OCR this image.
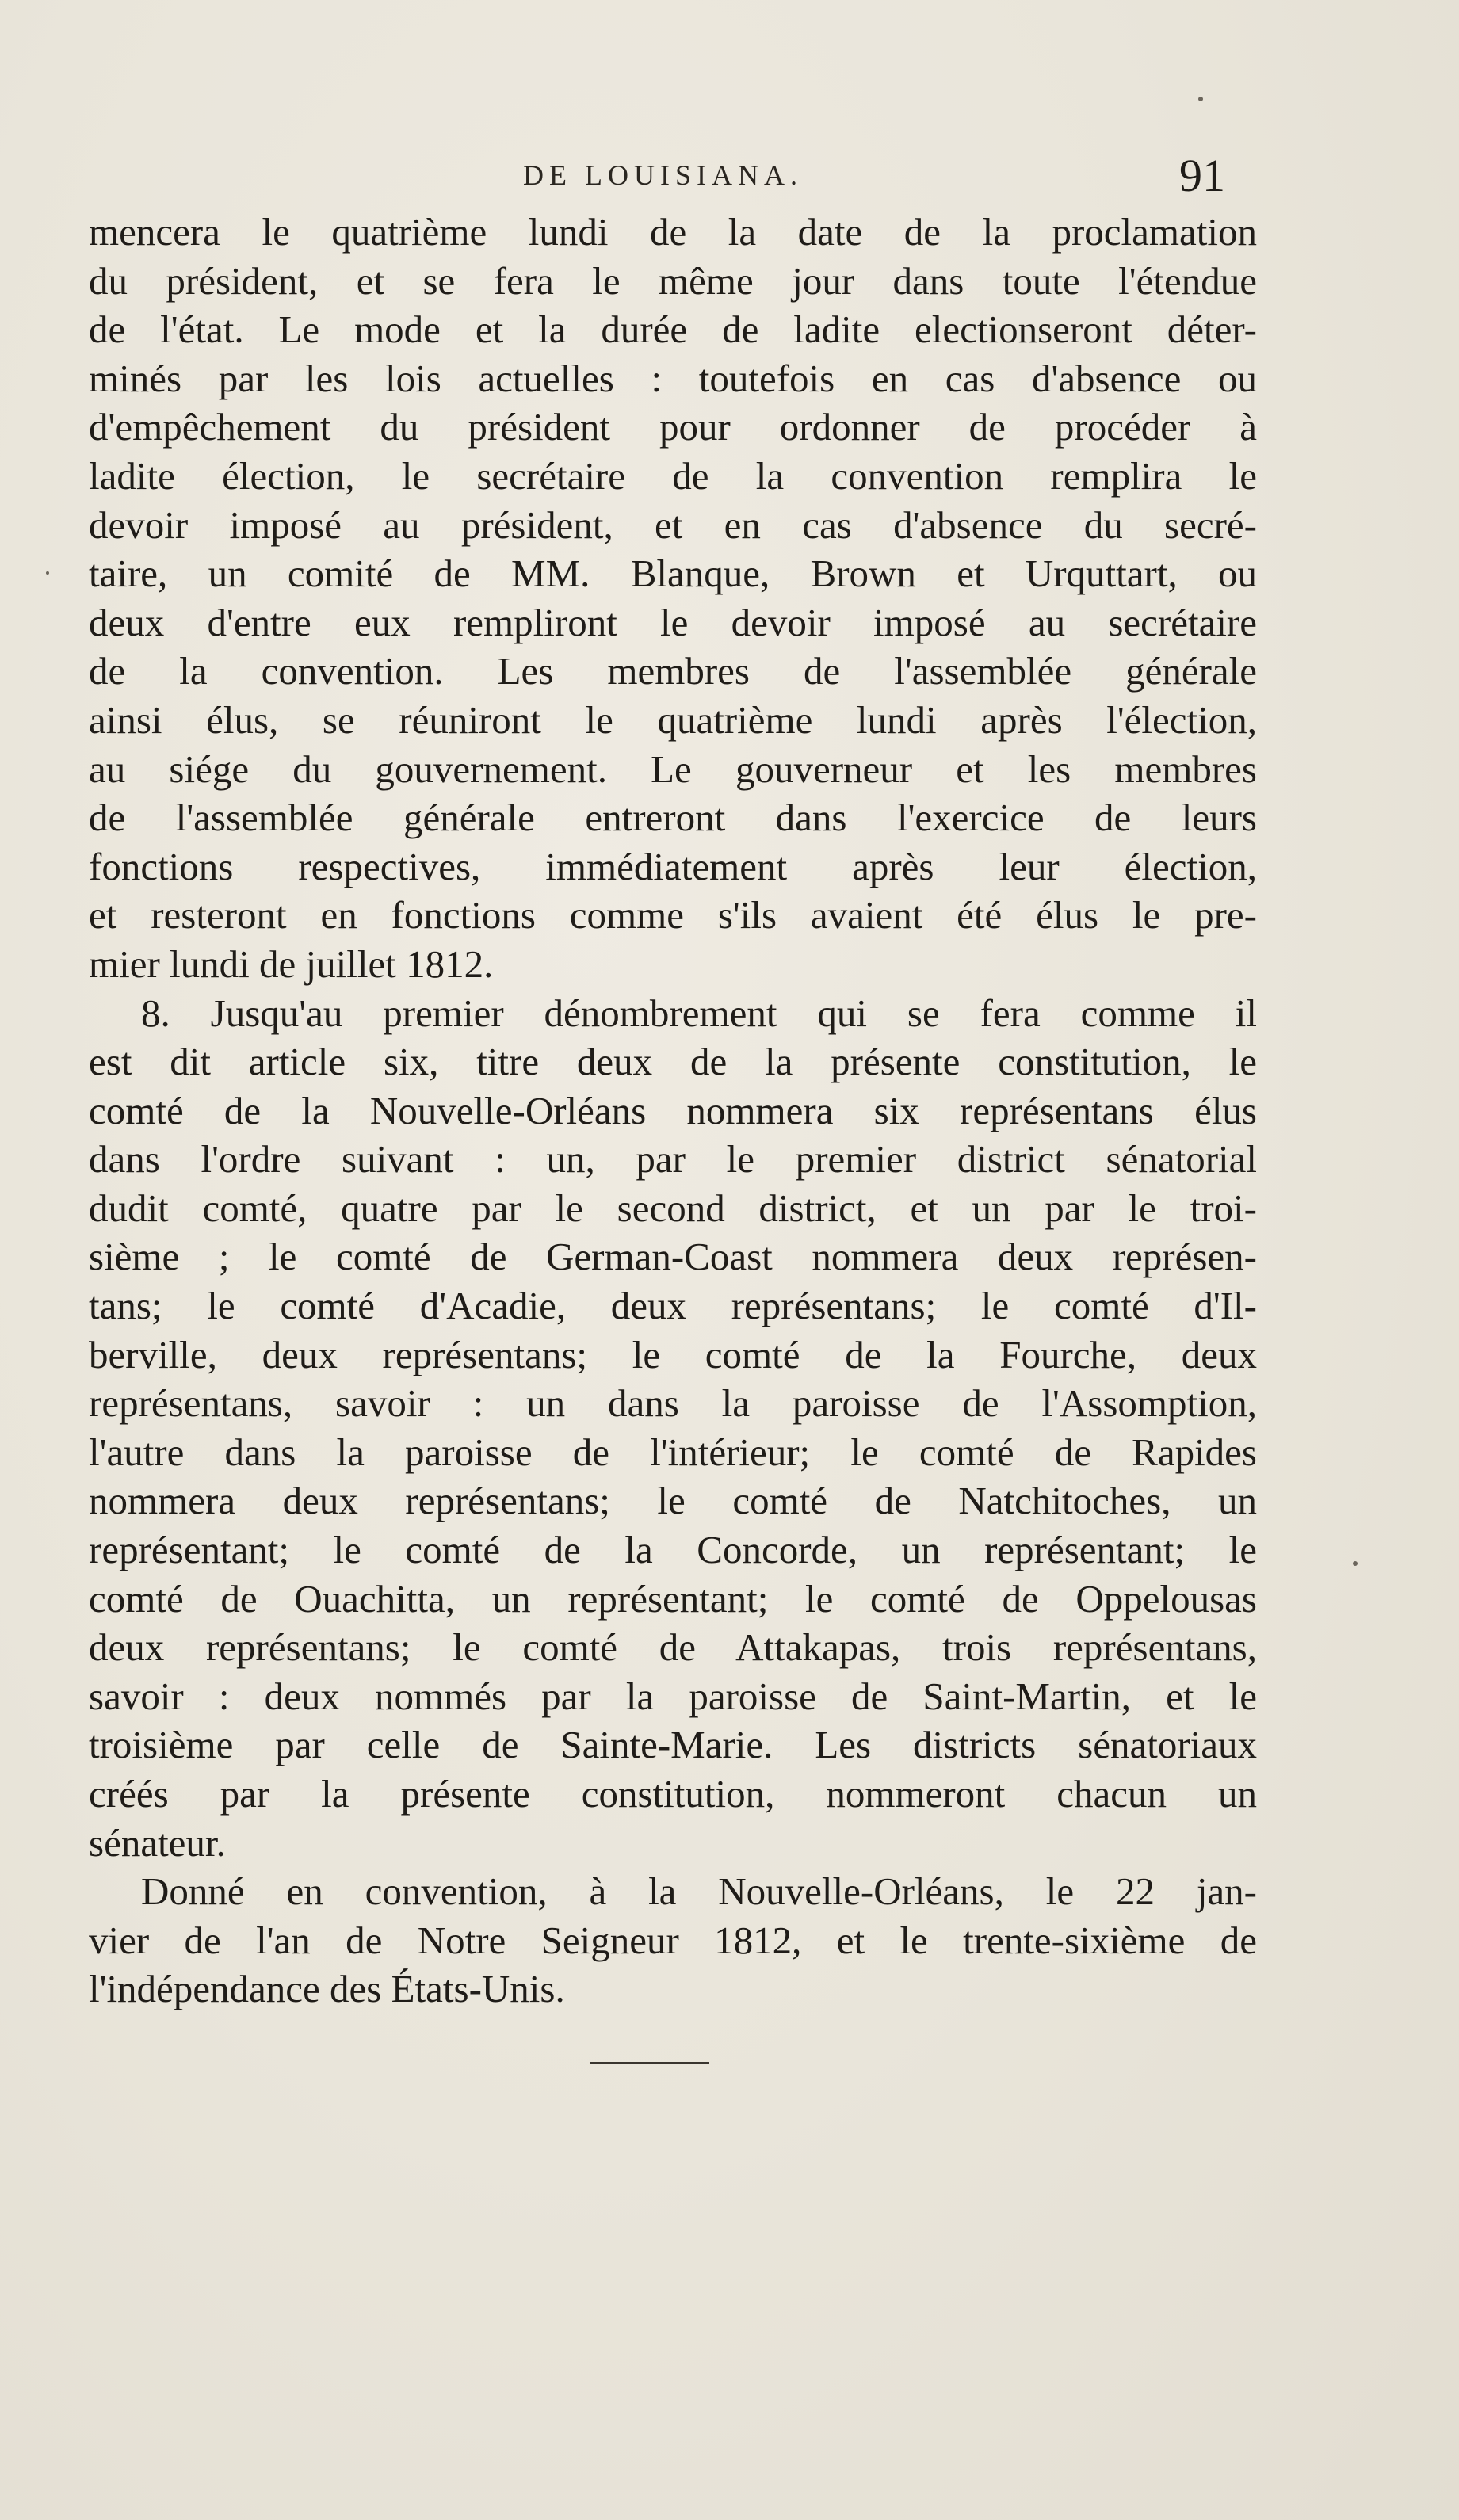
DE LOUISIANA.	91
mencera le quatrième lundi de la date de la proclamation
du président, et se fera le même jour dans toute l'étendue
de l'état. Le mode et la durée de ladite electionseront déter-
minés par les lois actuelles : toutefois en cas d'absence ou
d'empêchement du président pour ordonner de procéder à
ladite élection, le secrétaire de la convention remplira le
devoir imposé au président, et en cas d'absence du secré-
taire, un comité de MM. Blanque, Brown et Urquttart, ou
deux d'entre eux rempliront le devoir imposé au secrétaire
de la convention. Les membres de l'assemblée générale
ainsi élus, se réuniront le quatrième lundi après l'élection,
au siége du gouvernement. Le gouverneur et les membres
de l'assemblée générale entreront dans l'exercice de leurs
fonctions respectives, immédiatement après leur élection,
et resteront en fonctions comme s'ils avaient été élus le pre-
mier lundi de juillet 1812.
8. Jusqu'au premier dénombrement qui se fera comme il
est dit article six, titre deux de la présente constitution, le
comté de la Nouvelle-Orléans nommera six représentans élus
dans l'ordre suivant : un, par le premier district sénatorial
dudit comté, quatre par le second district, et un par le troi-
sième ; le comté de German-Coast nommera deux représen-
tans; le comté d'Acadie, deux représentans; le comté d'Il-
berville, deux représentans; le comté de la Fourche, deux
représentans, savoir : un dans la paroisse de l'Assomption,
l'autre dans la paroisse de l'intérieur; le comté de Rapides
nommera deux représentans; le comté de Natchitoches, un
représentant; le comté de la Concorde, un représentant; le
comté de Ouachitta, un représentant; le comté de Oppelousas
deux représentans; le comté de Attakapas, trois représentans,
savoir : deux nommés par la paroisse de Saint-Martin, et le
troisième par celle de Sainte-Marie. Les districts sénatoriaux
créés par la présente constitution, nommeront chacun un
sénateur.
Donné en convention, à la Nouvelle-Orléans, le 22 jan-
vier de l'an de Notre Seigneur 1812, et le trente-sixième de
l'indépendance des États-Unis.
